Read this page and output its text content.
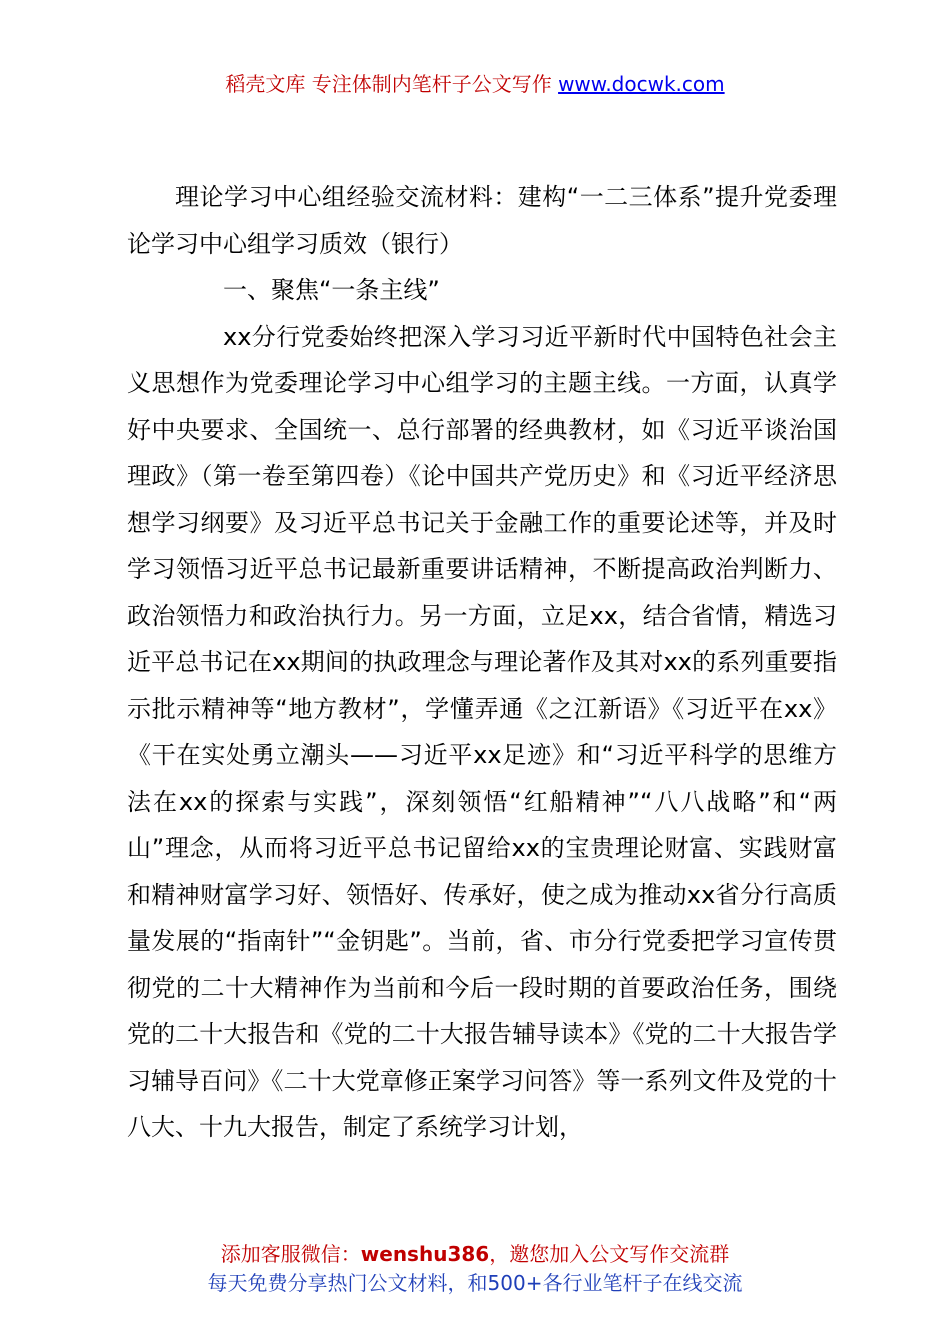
稻壳文库 专注体制内笔杆子公文写作 www.docwk.com

理论学习中心组经验交流材料：建构“一二三体系”提升党委理论学习中心组学习质效（银行）

一、聚焦“一条主线”

xx分行党委始终把深入学习习近平新时代中国特色社会主义思想作为党委理论学习中心组学习的主题主线。一方面，认真学好中央要求、全国统一、总行部署的经典教材，如《习近平谈治国理政》（第一卷至第四卷）《论中国共产党历史》和《习近平经济思想学习纲要》及习近平总书记关于金融工作的重要论述等，并及时学习领悟习近平总书记最新重要讲话精神，不断提高政治判断力、政治领悟力和政治执行力。另一方面，立足xx，结合省情，精选习近平总书记在xx期间的执政理念与理论著作及其对xx的系列重要指示批示精神等“地方教材”，学懂弄通《之江新语》《习近平在xx》《干在实处勇立潮头——习近平xx足迹》和“习近平科学的思维方法在xx的探索与实践”，深刻领悟“红船精神”“八八战略”和“两山”理念，从而将习近平总书记留给xx的宝贵理论财富、实践财富和精神财富学习好、领悟好、传承好，使之成为推动xx省分行高质量发展的“指南针”“金钥匙”。当前，省、市分行党委把学习宣传贯彻党的二十大精神作为当前和今后一段时期的首要政治任务，围绕党的二十大报告和《党的二十大报告辅导读本》《党的二十大报告学习辅导百问》《二十大党章修正案学习问答》等一系列文件及党的十八大、十九大报告，制定了系统学习计划，

添加客服微信：wenshu386，邀您加入公文写作交流群
每天免费分享热门公文材料，和500+各行业笔杆子在线交流
